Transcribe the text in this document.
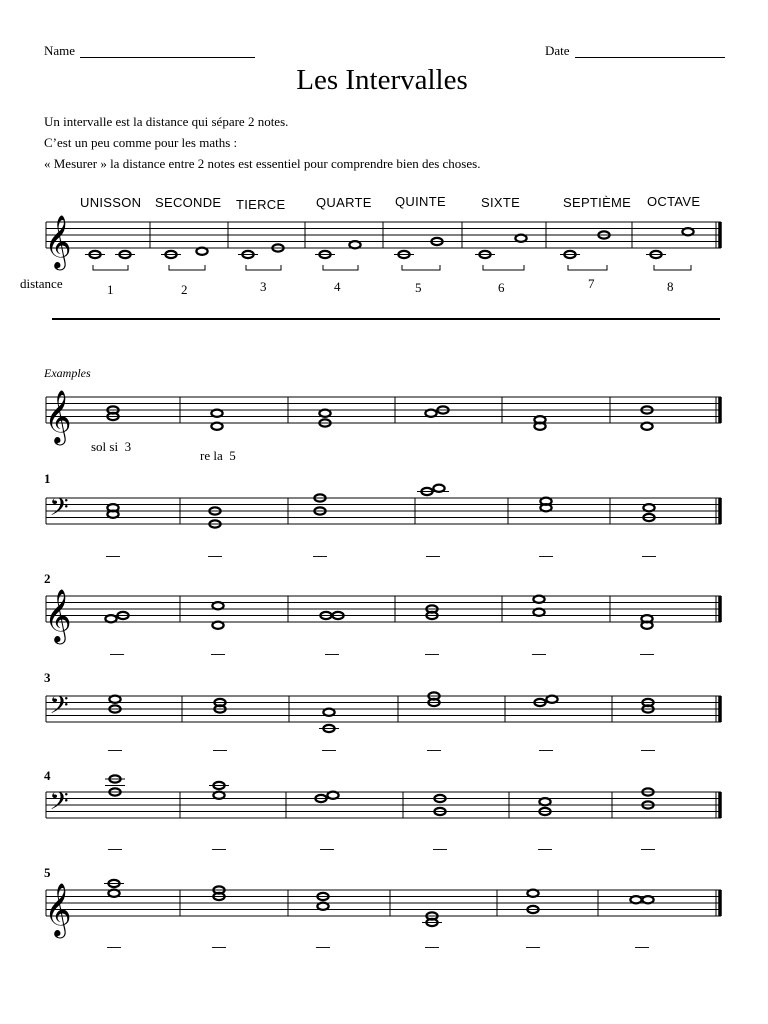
Name	Date
Les Intervalles
Un intervalle est la distance qui sépare 2 notes.
C’est un peu comme pour les maths :
« Mesurer » la distance entre 2 notes est essentiel pour comprendre bien des choses.
UNISSON SECONDE TIERCE QUARTE QUINTE	SIXTE	SEPTIÈME OCTAVE
distance	1	2	3	4	5	6	7	8
Examples
sol si  3
re la  5
1
2
3
4
5
𝄞
𝄞
𝄢
—	—	—	—	—	—
𝄞
—	—	—	—	—	—
𝄢
—	—	—	—	—	—
𝄢
—	—	—	—	—	—
𝄞
—	—	—	—	—	—
